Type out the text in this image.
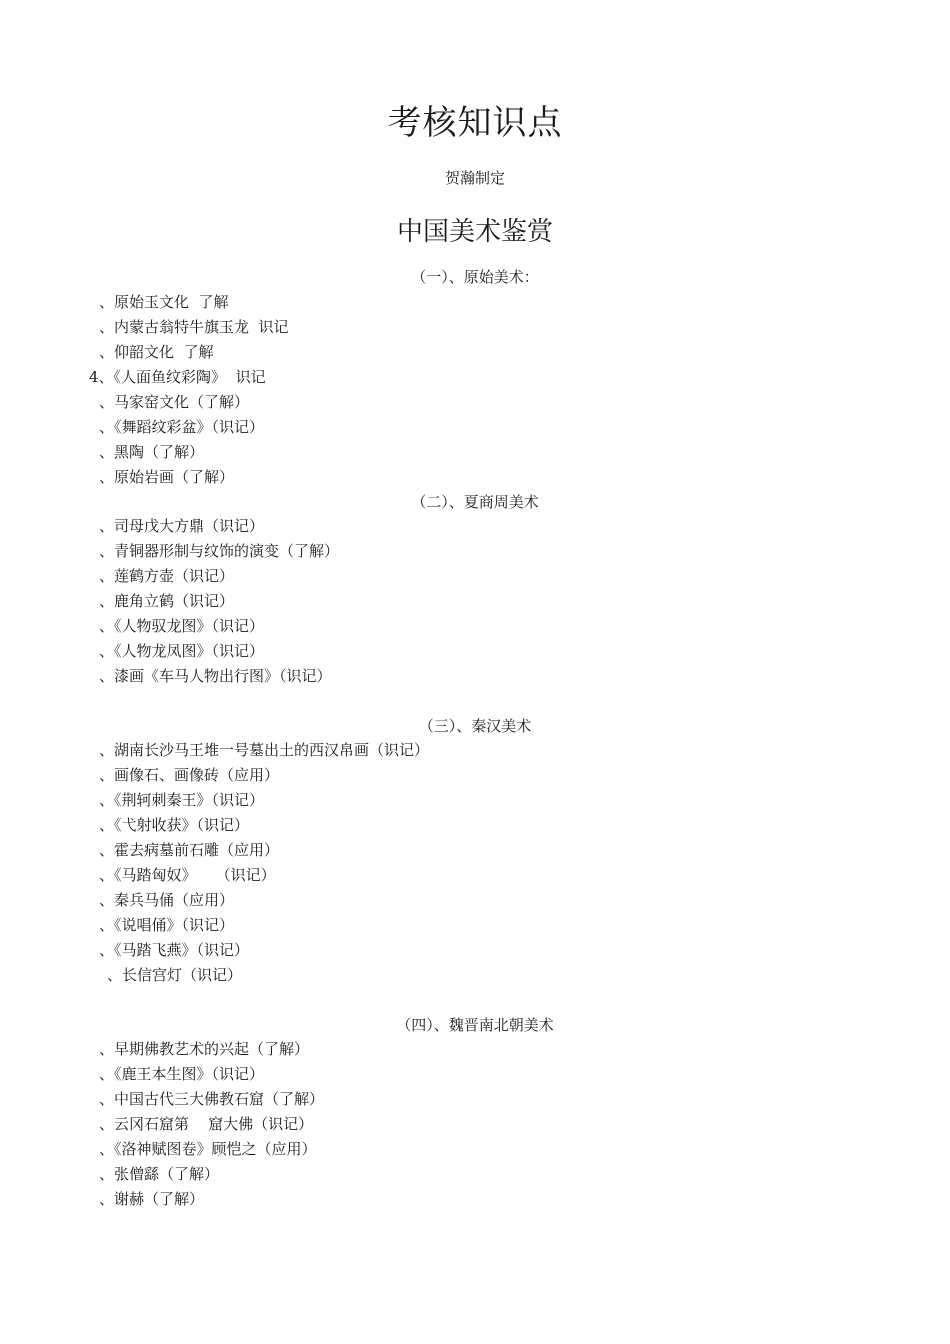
考核知识点
贺瀚制定
中国美术鉴赏
（一）、原始美术：
、原始玉文化  了解
、内蒙古翁特牛旗玉龙  识记
、仰韶文化  了解
4、《人面鱼纹彩陶》  识记
、马家窑文化（了解）
、《舞蹈纹彩盆》（识记）
、黑陶（了解）
、原始岩画（了解）
（二）、夏商周美术
、司母戊大方鼎（识记）
、青铜器形制与纹饰的演变（了解）
、莲鹤方壶（识记）
、鹿角立鹤（识记）
、《人物驭龙图》（识记）
、《人物龙凤图》（识记）
、漆画《车马人物出行图》（识记）
（三）、秦汉美术
、湖南长沙马王堆一号墓出土的西汉帛画（识记）
、画像石、画像砖（应用）
、《荆轲刺秦王》（识记）
、《弋射收获》（识记）
、霍去病墓前石雕（应用）
、《马踏匈奴》    （识记）
、秦兵马俑（应用）
、《说唱俑》（识记）
、《马踏飞燕》（识记）
、长信宫灯（识记）
（四）、魏晋南北朝美术
、早期佛教艺术的兴起（了解）
、《鹿王本生图》（识记）
、中国古代三大佛教石窟（了解）
、云冈石窟第    窟大佛（识记）
、《洛神赋图卷》顾恺之（应用）
、张僧繇（了解）
、谢赫（了解）
